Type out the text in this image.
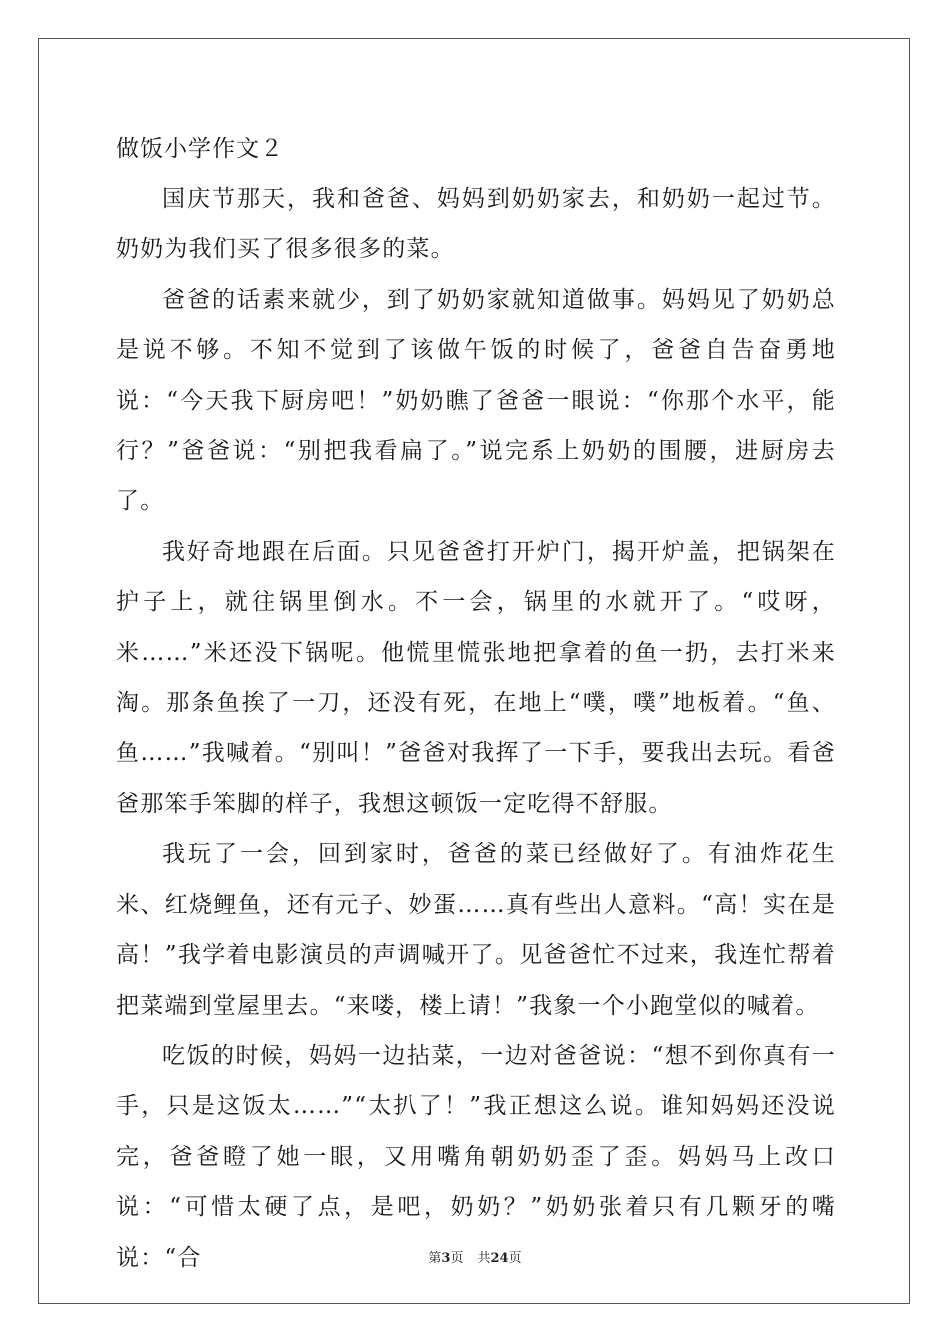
做饭小学作文２

国庆节那天，我和爸爸、妈妈到奶奶家去，和奶奶一起过节。奶奶为我们买了很多很多的菜。

爸爸的话素来就少，到了奶奶家就知道做事。妈妈见了奶奶总是说不够。不知不觉到了该做午饭的时候了，爸爸自告奋勇地说：“今天我下厨房吧！”奶奶瞧了爸爸一眼说：“你那个水平，能行？”爸爸说：“别把我看扁了。”说完系上奶奶的围腰，进厨房去了。

我好奇地跟在后面。只见爸爸打开炉门，揭开炉盖，把锅架在护子上，就往锅里倒水。不一会，锅里的水就开了。“哎呀，米……”米还没下锅呢。他慌里慌张地把拿着的鱼一扔，去打米来淘。那条鱼挨了一刀，还没有死，在地上“噗，噗”地板着。“鱼、鱼……”我喊着。“别叫！”爸爸对我挥了一下手，要我出去玩。看爸爸那笨手笨脚的样子，我想这顿饭一定吃得不舒服。

我玩了一会，回到家时，爸爸的菜已经做好了。有油炸花生米、红烧鲤鱼，还有元子、妙蛋……真有些出人意料。“高！实在是高！”我学着电影演员的声调喊开了。见爸爸忙不过来，我连忙帮着把菜端到堂屋里去。“来喽，楼上请！”我象一个小跑堂似的喊着。

吃饭的时候，妈妈一边拈菜，一边对爸爸说：“想不到你真有一手，只是这饭太……”“太扒了！”我正想这么说。谁知妈妈还没说完，爸爸瞪了她一眼，又用嘴角朝奶奶歪了歪。妈妈马上改口说：“可惜太硬了点，是吧，奶奶？”奶奶张着只有几颗牙的嘴说：“合	第3页 共24页
